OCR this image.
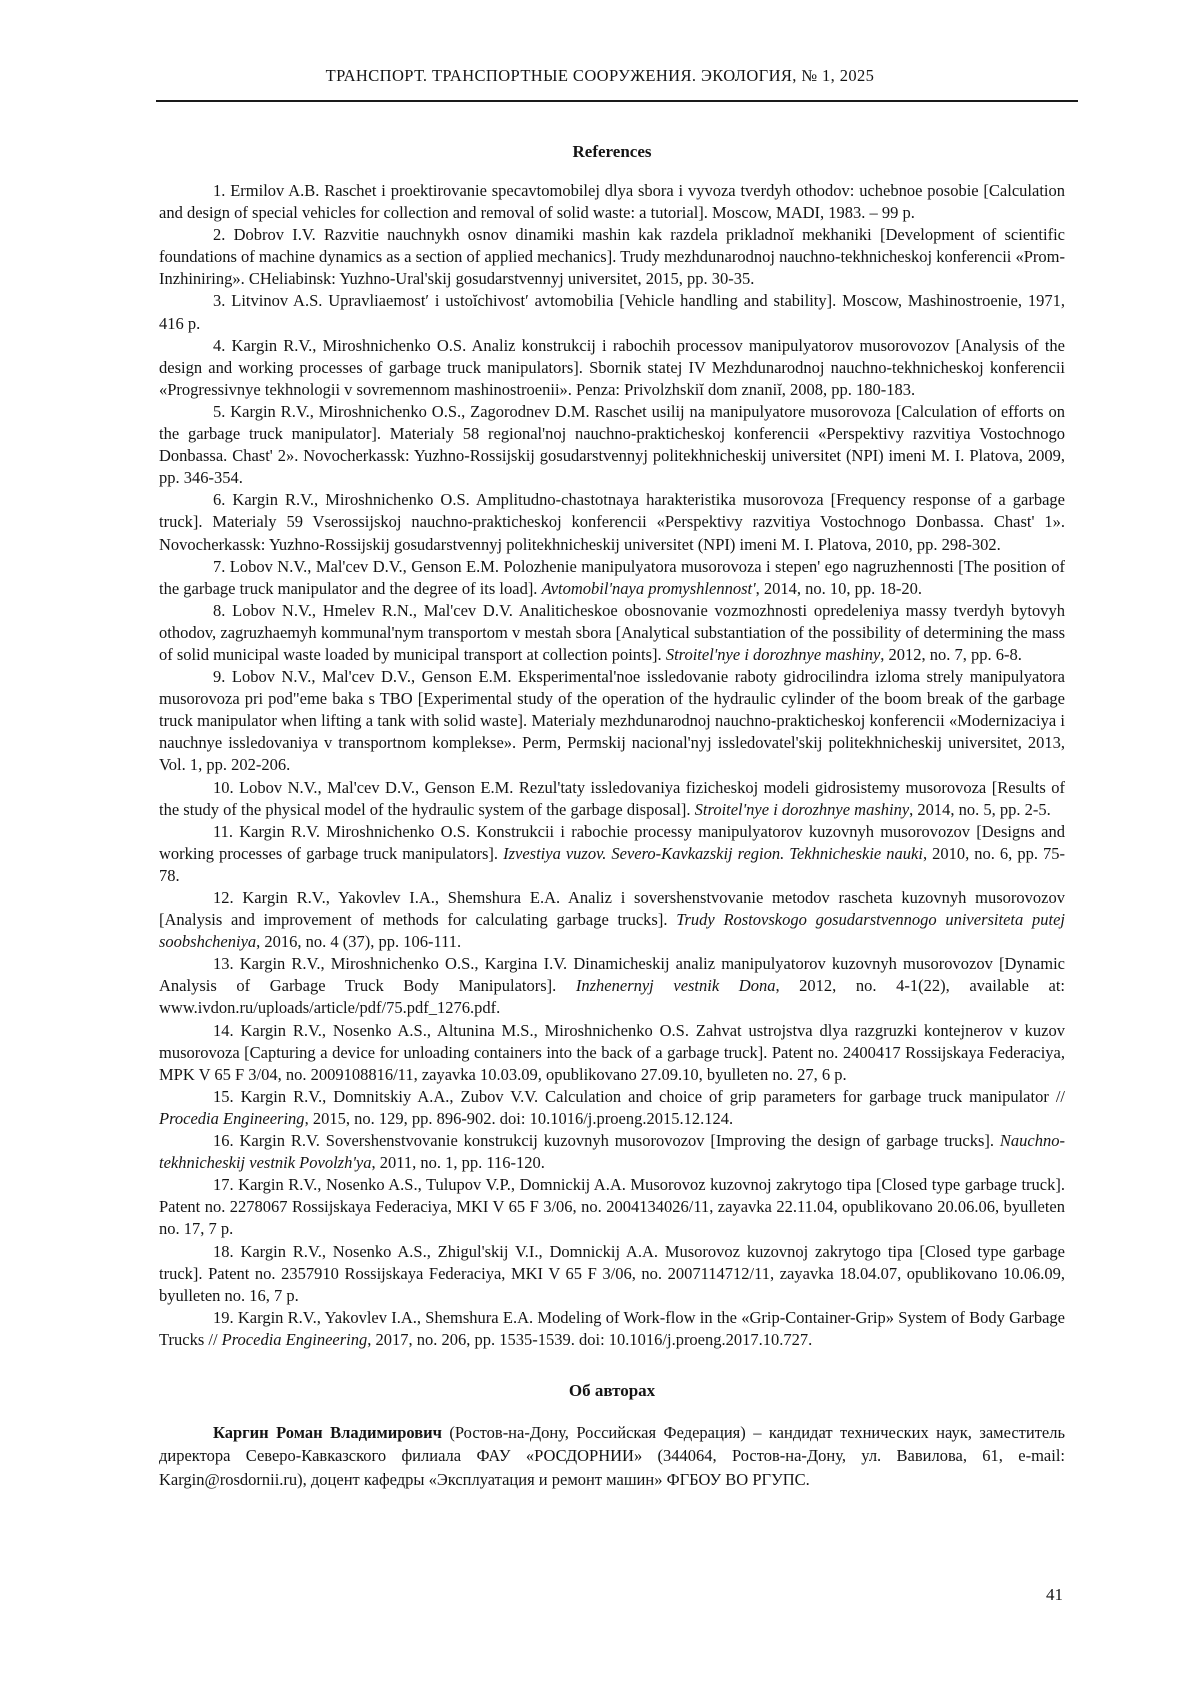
ТРАНСПОРТ. ТРАНСПОРТНЫЕ СООРУЖЕНИЯ. ЭКОЛОГИЯ, № 1, 2025
References

1. Ermilov A.B. Raschet i proektirovanie specavtomobilej dlya sbora i vyvoza tverdyh othodov: uchebnoe posobie [Calculation and design of special vehicles for collection and removal of solid waste: a tutorial]. Moscow, MADI, 1983. – 99 p.

2. Dobrov I.V. Razvitie nauchnykh osnov dinamiki mashin kak razdela prikladnoĭ mekhaniki [Development of scientific foundations of machine dynamics as a section of applied mechanics]. Trudy mezhdunarodnoj nauchno-tekhnicheskoj konferencii «Prom-Inzhiniring». CHeliabinsk: Yuzhno-Ural'skij gosudarstvennyj universitet, 2015, pp. 30-35.

3. Litvinov A.S. Upravliaemost′ i ustoĭchivost′ avtomobilia [Vehicle handling and stability]. Moscow, Mashinostroenie, 1971, 416 p.

4. Kargin R.V., Miroshnichenko O.S. Analiz konstrukcij i rabochih processov manipulyatorov musorovozov [Analysis of the design and working processes of garbage truck manipulators]. Sbornik statej IV Mezhdunarodnoj nauchno-tekhnicheskoj konferencii «Progressivnye tekhnologii v sovremennom mashinostroenii». Penza: Privolzhskiĭ dom znaniĭ, 2008, pp. 180-183.

5. Kargin R.V., Miroshnichenko O.S., Zagorodnev D.M. Raschet usilij na manipulyatore musorovoza [Calculation of efforts on the garbage truck manipulator]. Materialy 58 regional'noj nauchno-prakticheskoj konferencii «Perspektivy razvitiya Vostochnogo Donbassa. Chast' 2». Novocherkassk: Yuzhno-Rossijskij gosudarstvennyj politekhnicheskij universitet (NPI) imeni M. I. Platova, 2009, pp. 346-354.

6. Kargin R.V., Miroshnichenko O.S. Amplitudno-chastotnaya harakteristika musorovoza [Frequency response of a garbage truck]. Materialy 59 Vserossijskoj nauchno-prakticheskoj konferencii «Perspektivy razvitiya Vostochnogo Donbassa. Chast' 1». Novocherkassk: Yuzhno-Rossijskij gosudarstvennyj politekhnicheskij universitet (NPI) imeni M. I. Platova, 2010, pp. 298-302.

7. Lobov N.V., Mal'cev D.V., Genson E.M. Polozhenie manipulyatora musorovoza i stepen' ego nagruzhennosti [The position of the garbage truck manipulator and the degree of its load]. Avtomobil'naya promyshlennost', 2014, no. 10, pp. 18-20.

8. Lobov N.V., Hmelev R.N., Mal'cev D.V. Analiticheskoe obosnovanie vozmozhnosti opredeleniya massy tverdyh bytovyh othodov, zagruzhaemyh kommunal'nym transportom v mestah sbora [Analytical substantiation of the possibility of determining the mass of solid municipal waste loaded by municipal transport at collection points]. Stroitel'nye i dorozhnye mashiny, 2012, no. 7, pp. 6-8.

9. Lobov N.V., Mal'cev D.V., Genson E.M. Eksperimental'noe issledovanie raboty gidrocilindra izloma strely manipulyatora musorovoza pri pod"eme baka s TBO [Experimental study of the operation of the hydraulic cylinder of the boom break of the garbage truck manipulator when lifting a tank with solid waste]. Materialy mezhdunarodnoj nauchno-prakticheskoj konferencii «Modernizaciya i nauchnye issledovaniya v transportnom komplekse». Perm, Permskij nacional'nyj issledovatel'skij politekhnicheskij universitet, 2013, Vol. 1, pp. 202-206.

10. Lobov N.V., Mal'cev D.V., Genson E.M. Rezul'taty issledovaniya fizicheskoj modeli gidrosistemy musorovoza [Results of the study of the physical model of the hydraulic system of the garbage disposal]. Stroitel'nye i dorozhnye mashiny, 2014, no. 5, pp. 2-5.

11. Kargin R.V. Miroshnichenko O.S. Konstrukcii i rabochie processy manipulyatorov kuzovnyh musorovozov [Designs and working processes of garbage truck manipulators]. Izvestiya vuzov. Severo-Kavkazskij region. Tekhnicheskie nauki, 2010, no. 6, pp. 75-78.

12. Kargin R.V., Yakovlev I.A., Shemshura E.A. Analiz i sovershenstvovanie metodov rascheta kuzovnyh musorovozov [Analysis and improvement of methods for calculating garbage trucks]. Trudy Rostovskogo gosudarstvennogo universiteta putej soobshcheniya, 2016, no. 4 (37), pp. 106-111.

13. Kargin R.V., Miroshnichenko O.S., Kargina I.V. Dinamicheskij analiz manipulyatorov kuzovnyh musorovozov [Dynamic Analysis of Garbage Truck Body Manipulators]. Inzhenernyj vestnik Dona, 2012, no. 4-1(22), available at: www.ivdon.ru/uploads/article/pdf/75.pdf_1276.pdf.

14. Kargin R.V., Nosenko A.S., Altunina M.S., Miroshnichenko O.S. Zahvat ustrojstva dlya razgruzki kontejnerov v kuzov musorovoza [Capturing a device for unloading containers into the back of a garbage truck]. Patent no. 2400417 Rossijskaya Federaciya, MPK V 65 F 3/04, no. 2009108816/11, zayavka 10.03.09, opublikovano 27.09.10, byulleten no. 27, 6 p.

15. Kargin R.V., Domnitskiy A.A., Zubov V.V. Calculation and choice of grip parameters for garbage truck manipulator // Procedia Engineering, 2015, no. 129, pp. 896-902. doi: 10.1016/j.proeng.2015.12.124.

16. Kargin R.V. Sovershenstvovanie konstrukcij kuzovnyh musorovozov [Improving the design of garbage trucks]. Nauchno-tekhnicheskij vestnik Povolzh'ya, 2011, no. 1, pp. 116-120.

17. Kargin R.V., Nosenko A.S., Tulupov V.P., Domnickij A.A. Musorovoz kuzovnoj zakrytogo tipa [Closed type garbage truck]. Patent no. 2278067 Rossijskaya Federaciya, MKI V 65 F 3/06, no. 2004134026/11, zayavka 22.11.04, opublikovano 20.06.06, byulleten no. 17, 7 p.

18. Kargin R.V., Nosenko A.S., Zhigul'skij V.I., Domnickij A.A. Musorovoz kuzovnoj zakrytogo tipa [Closed type garbage truck]. Patent no. 2357910 Rossijskaya Federaciya, MKI V 65 F 3/06, no. 2007114712/11, zayavka 18.04.07, opublikovano 10.06.09, byulleten no. 16, 7 p.

19. Kargin R.V., Yakovlev I.A., Shemshura E.A. Modeling of Work-flow in the «Grip-Container-Grip» System of Body Garbage Trucks // Procedia Engineering, 2017, no. 206, pp. 1535-1539. doi: 10.1016/j.proeng.2017.10.727.

Об авторах

Каргин Роман Владимирович (Ростов-на-Дону, Российская Федерация) – кандидат технических наук, заместитель директора Северо-Кавказского филиала ФАУ «РОСДОРНИИ» (344064, Ростов-на-Дону, ул. Вавилова, 61, e-mail: Kargin@rosdornii.ru), доцент кафедры «Эксплуатация и ремонт машин» ФГБОУ ВО РГУПС.

41
